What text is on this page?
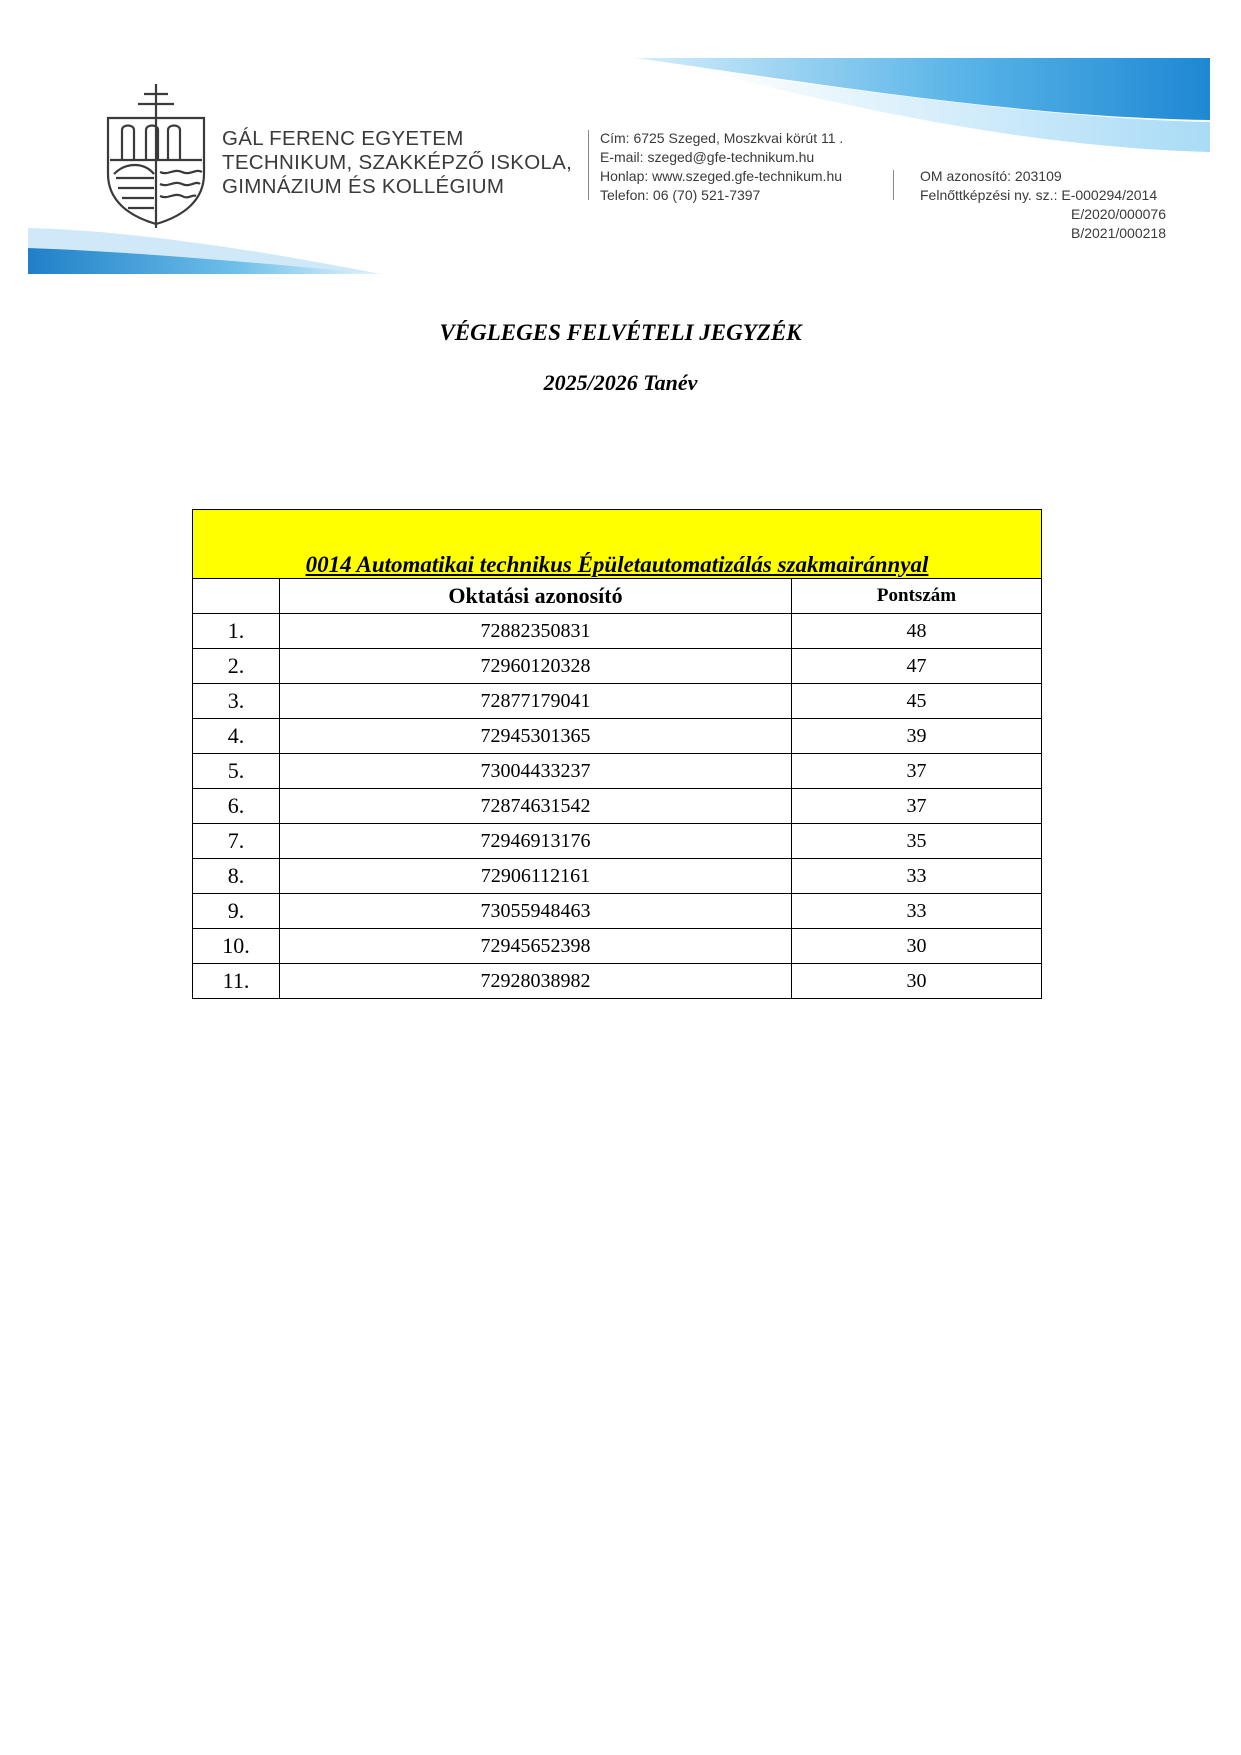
GÁL FERENC EGYETEM
TECHNIKUM, SZAKKÉPZŐ ISKOLA,
GIMNÁZIUM ÉS KOLLÉGIUM
Cím: 6725 Szeged, Moszkvai körút 11 .
E-mail: szeged@gfe-technikum.hu
Honlap: www.szeged.gfe-technikum.hu
Telefon: 06 (70) 521-7397
OM azonosító: 203109
Felnőttképzési ny. sz.: E-000294/2014
E/2020/000076
B/2021/000218
VÉGLEGES FELVÉTELI JEGYZÉK
2025/2026 Tanév
0014 Automatikai technikus Épületautomatizálás szakmairánnyal		
	Oktatási azonosító	Pontszám
1.	72882350831	48
2.	72960120328	47
3.	72877179041	45
4.	72945301365	39
5.	73004433237	37
6.	72874631542	37
7.	72946913176	35
8.	72906112161	33
9.	73055948463	33
10.	72945652398	30
11.	72928038982	30
